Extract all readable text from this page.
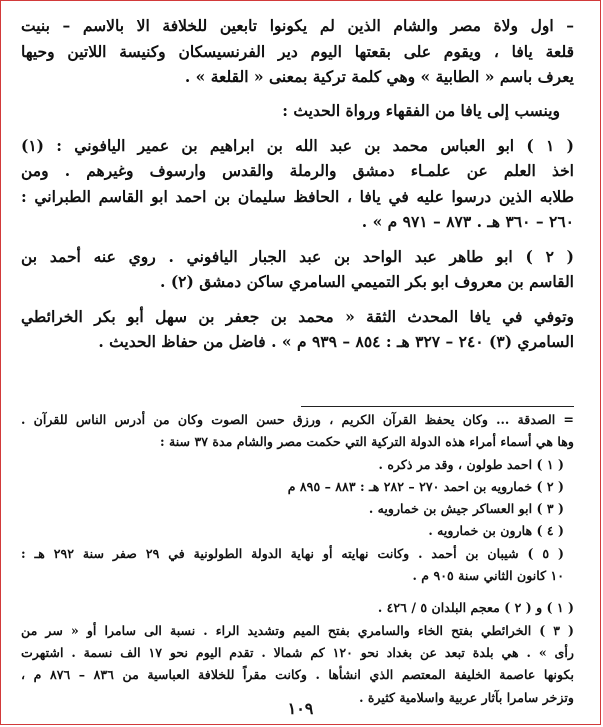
– اول ولاة مصر والشام الذين لم يكونوا تابعين للخلافة الا بالاسم – بنيت
قلعة يافا ، ويقوم على بقعتها اليوم دير الفرنسيسكان وكنيسة اللاتين وحيها
يعرف باسم « الطابية » وهي كلمة تركية بمعنى « القلعة » .
وينسب إلى يافا من الفقهاء ورواة الحديث :
( ١ ) ابو العباس محمد بن عبد الله بن ابراهيم بن عمير اليافوني : (١)
اخذ العلم عن علمـاء دمشق والرملة والقدس وارسوف وغيرهم . ومن
طلابه الذين درسوا عليه في يافا ، الحافظ سليمان بن احمد ابو القاسم الطبراني :
٢٦٠ – ٣٦٠ هـ . ٨٧٣ – ٩٧١ م » .
( ٢ ) ابو طاهر عبد الواحد بن عبد الجبار اليافوني . روي عنه أحمد بن
القاسم بن معروف ابو بكر التميمي السامري ساكن دمشق (٢) .
وتوفي في يافا المحدث الثقة « محمد بن جعفر بن سهل أبو بكر الخرائطي
السامري (٣) ٢٤٠ – ٣٢٧ هـ : ٨٥٤ – ٩٣٩ م » . فاضل من حفاظ الحديث .
= الصدقة ... وكان يحفظ القرآن الكريم ، ورزق حسن الصوت وكان من أدرس الناس للقرآن .
وها هي أسماء أمراء هذه الدولة التركية التي حكمت مصر والشام مدة ٣٧ سنة :
( ١ ) احمد طولون ، وقد مر ذكره .
( ٢ ) خمارويه بن احمد ٢٧٠ – ٢٨٢ هـ : ٨٨٣ – ٨٩٥ م
( ٣ ) ابو العساكر جيش بن خمارويه .
( ٤ ) هارون بن خمارويه .
( ٥ ) شيبان بن أحمد . وكانت نهايته أو نهاية الدولة الطولونية في ٢٩ صفر سنة ٢٩٢ هـ :
١٠ كانون الثاني سنة ٩٠٥ م .
( ١ ) و ( ٢ ) معجم البلدان ٥ / ٤٢٦ .
( ٣ ) الخرائطي بفتح الخاء والسامري بفتح الميم وتشديد الراء . نسبة الى سامرا أو « سر من
رأى » . هي بلدة تبعد عن بغداد نحو ١٢٠ كم شمالا . تقدم اليوم نحو ١٧ الف نسمة . اشتهرت
بكونها عاصمة الخليفة المعتصم الذي انشأها . وكانت مقراً للخلافة العباسية من ٨٣٦ – ٨٧٦ م ،
وتزخر سامرا بآثار عربية واسلامية كثيرة .
١٠٩
